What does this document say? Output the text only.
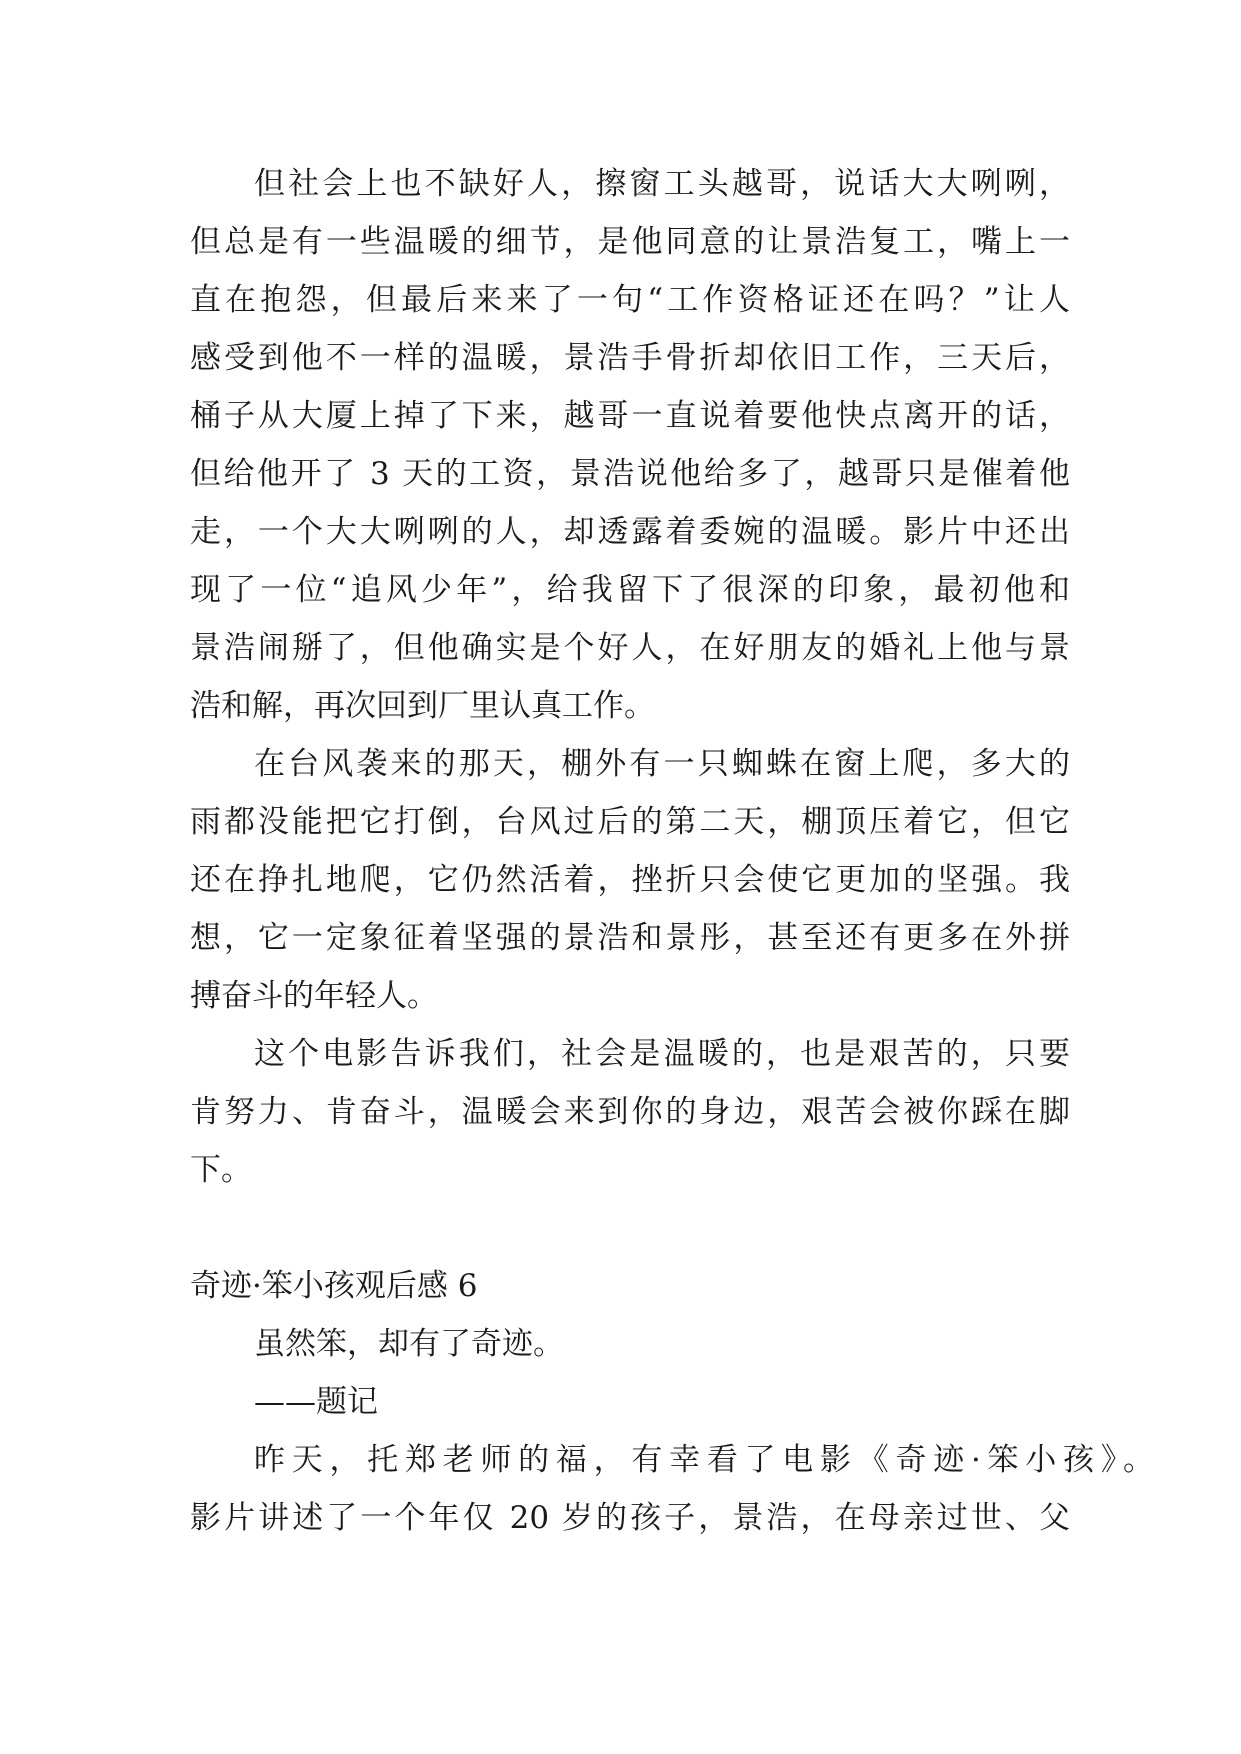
但社会上也不缺好人，擦窗工头越哥，说话大大咧咧，
但总是有一些温暖的细节，是他同意的让景浩复工，嘴上一
直在抱怨，但最后来来了一句“工作资格证还在吗？”让人
感受到他不一样的温暖，景浩手骨折却依旧工作，三天后，
桶子从大厦上掉了下来，越哥一直说着要他快点离开的话，
但给他开了 3 天的工资，景浩说他给多了，越哥只是催着他
走，一个大大咧咧的人，却透露着委婉的温暖。影片中还出
现了一位“追风少年”，给我留下了很深的印象，最初他和
景浩闹掰了，但他确实是个好人，在好朋友的婚礼上他与景
浩和解，再次回到厂里认真工作。
在台风袭来的那天，棚外有一只蜘蛛在窗上爬，多大的
雨都没能把它打倒，台风过后的第二天，棚顶压着它，但它
还在挣扎地爬，它仍然活着，挫折只会使它更加的坚强。我
想，它一定象征着坚强的景浩和景彤，甚至还有更多在外拼
搏奋斗的年轻人。
这个电影告诉我们，社会是温暖的，也是艰苦的，只要
肯努力、肯奋斗，温暖会来到你的身边，艰苦会被你踩在脚
下。
奇迹·笨小孩观后感 6
虽然笨，却有了奇迹。
——题记
昨天，托郑老师的福，有幸看了电影《奇迹·笨小孩》。
影片讲述了一个年仅 20 岁的孩子，景浩，在母亲过世、父
